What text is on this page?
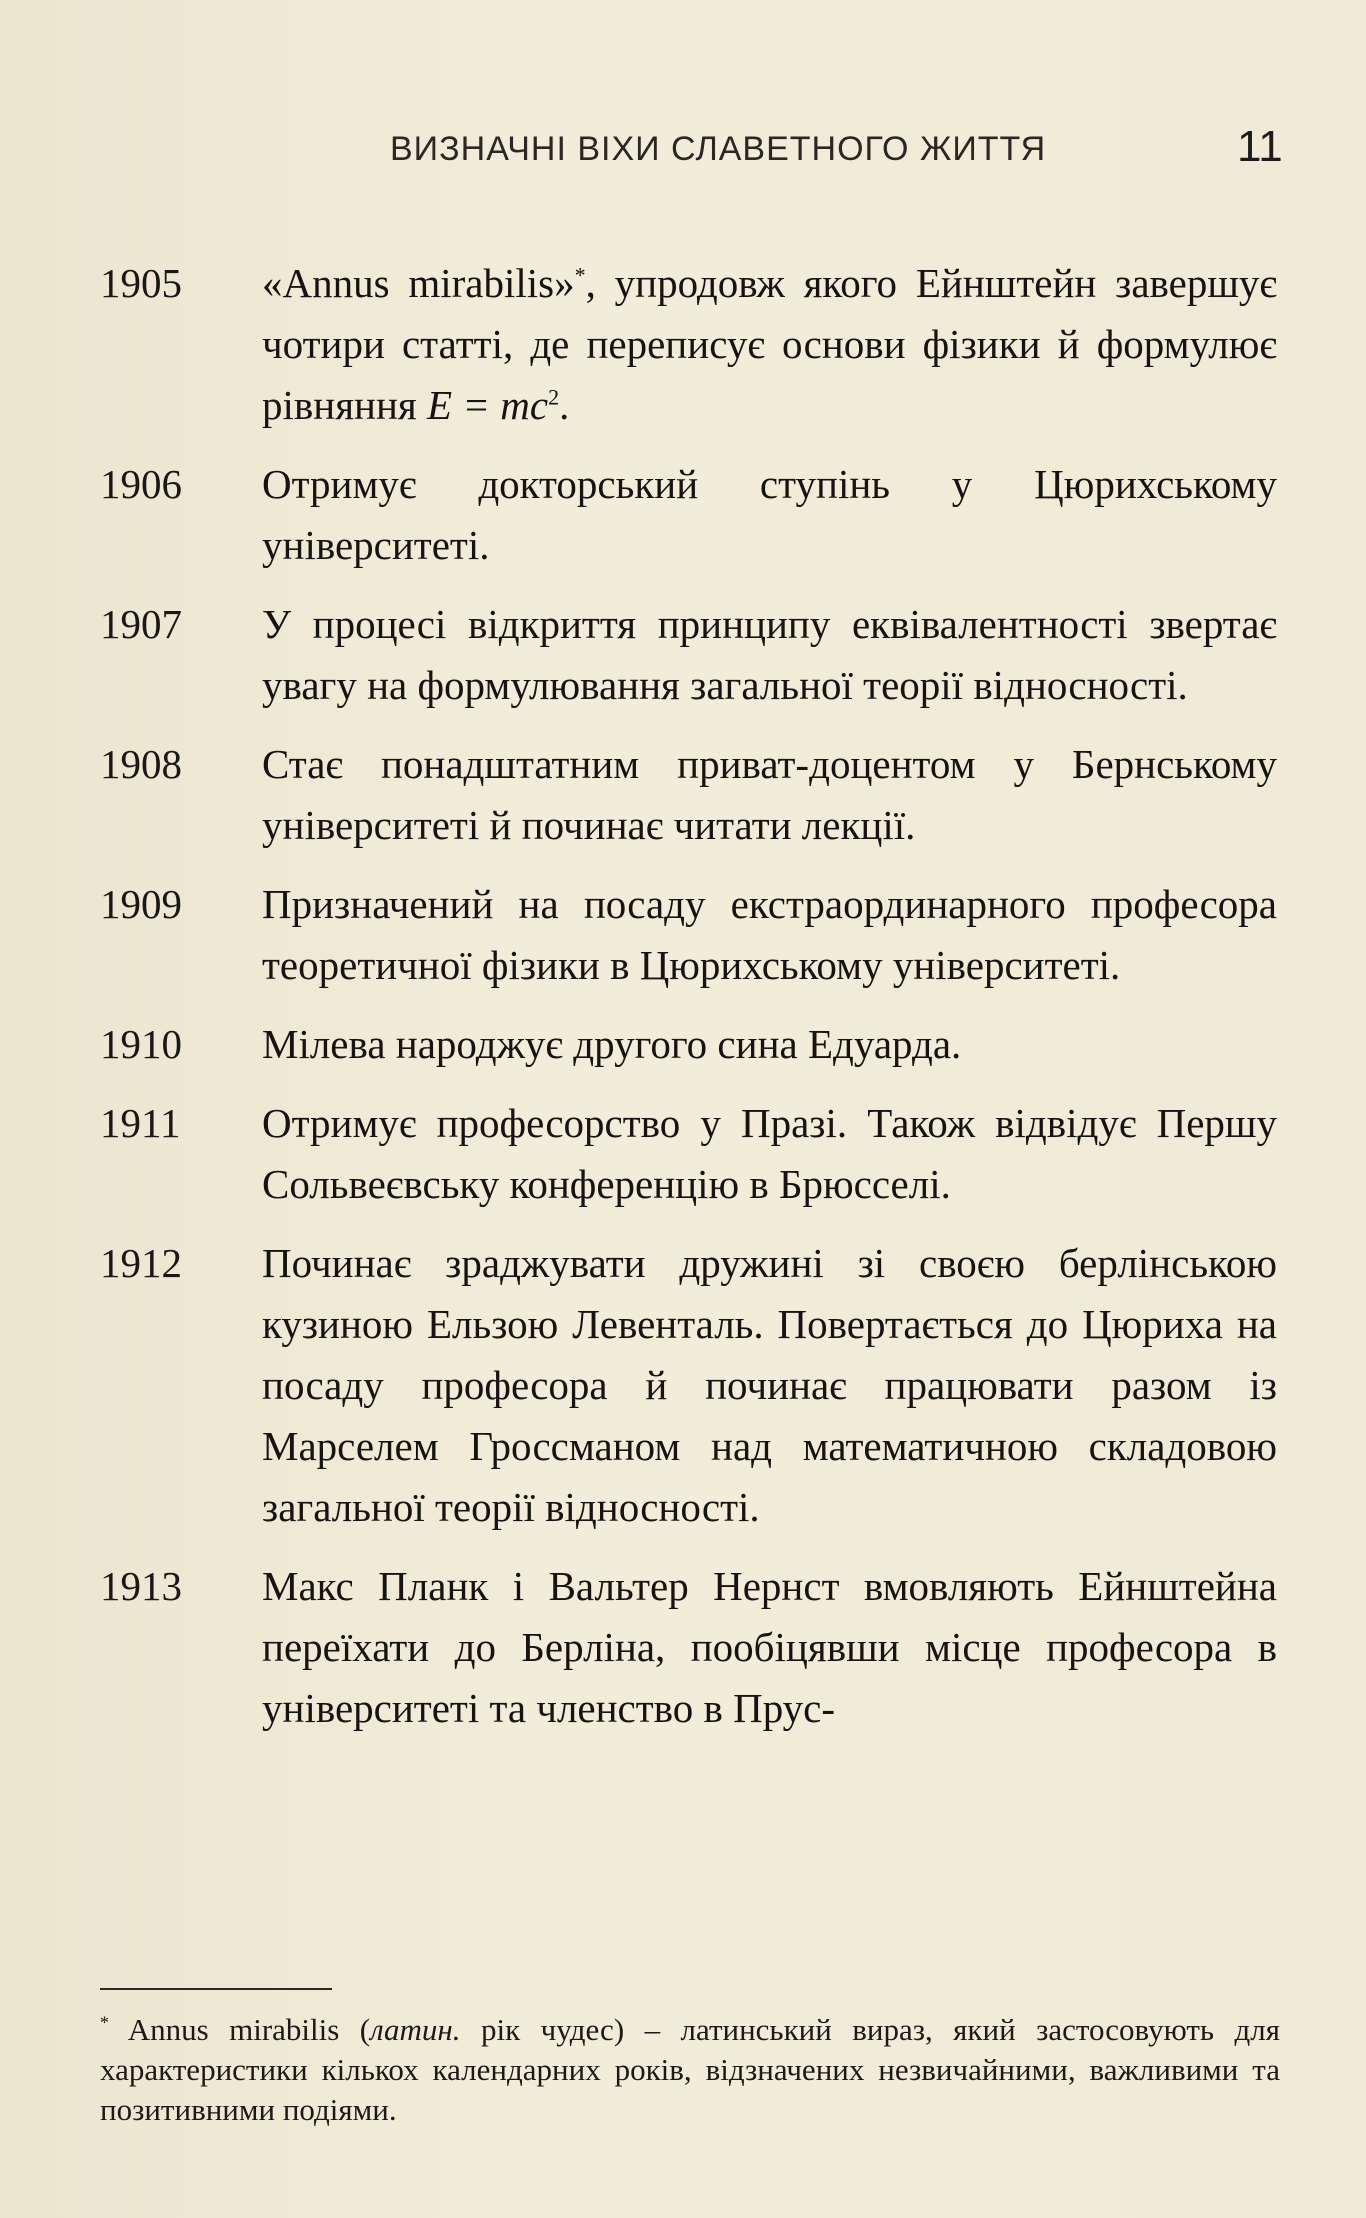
ВИЗНАЧНІ ВІХИ СЛАВЕТНОГО ЖИТТЯ	11
1905	«Annus mirabilis»*, упродовж якого Ейнштейн завершує чотири статті, де переписує основи фізики й формулює рівняння $E = mc^2$.
1906	Отримує докторський ступінь у Цюрихському університеті.
1907	У процесі відкриття принципу еквівалентності звертає увагу на формулювання загальної теорії відносності.
1908	Стає понадштатним приват-доцентом у Бернському університеті й починає читати лекції.
1909	Призначений на посаду екстраординарного професора теоретичної фізики в Цюрихському університеті.
1910	Мілева народжує другого сина Едуарда.
1911	Отримує професорство у Празі. Також відвідує Першу Сольвеєвську конференцію в Брюсселі.
1912	Починає зраджувати дружині зі своєю берлінською кузиною Ельзою Левенталь. Повертається до Цюриха на посаду професора й починає працювати разом із Марселем Гроссманом над математичною складовою загальної теорії відносності.
1913	Макс Планк і Вальтер Нернст вмовляють Ейнштейна переїхати до Берліна, пообіцявши місце професора в університеті та членство в Прус-
* Annus mirabilis (латин. рік чудес) – латинський вираз, який застосовують для характеристики кількох календарних років, відзначених незвичайними, важливими та позитивними подіями.
